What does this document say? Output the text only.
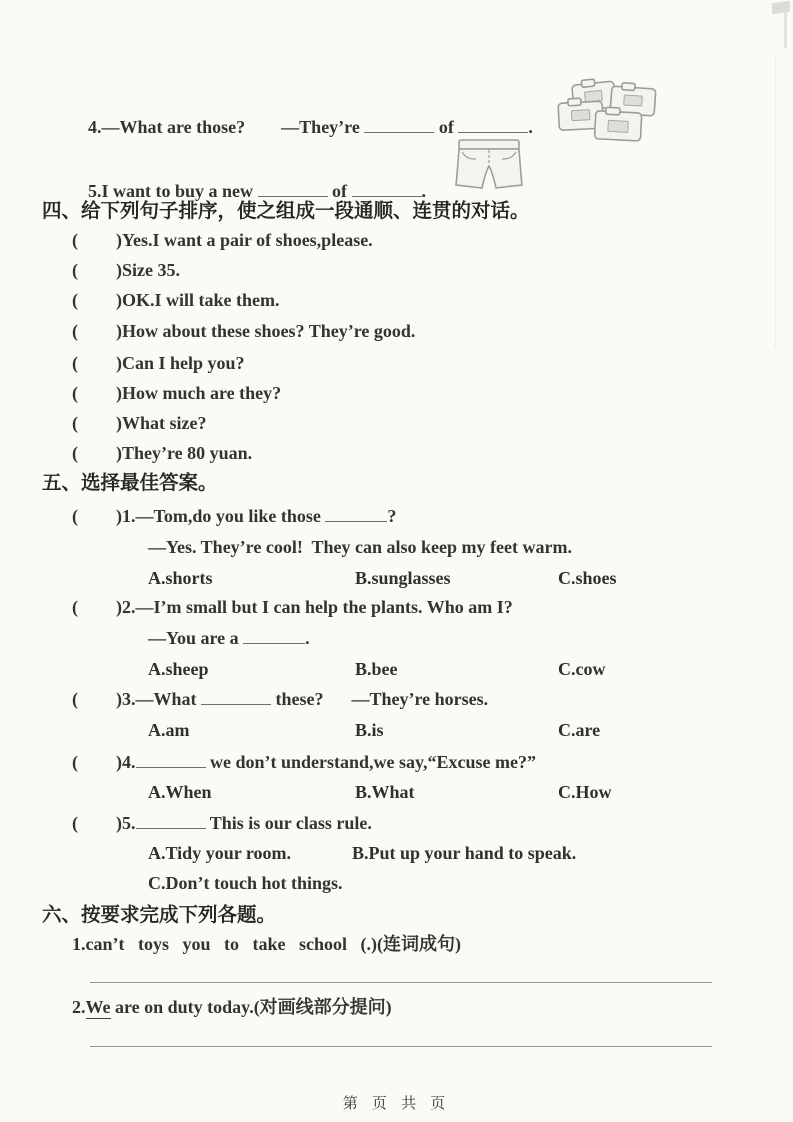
4.—What are those? —They’re	of	.

5.I want to buy a new	of	.

四、给下列句子排序，使之组成一段通顺、连贯的对话。
( )Yes.I want a pair of shoes,please.
( )Size 35.
( )OK.I will take them.
( )How about these shoes? They’re good.
( )Can I help you?
( )How much are they?
( )What size?
( )They’re 80 yuan.
五、选择最佳答案。
( )1.—Tom,do you like those	?
—Yes. They’re cool!  They can also keep my feet warm.
A.shorts	B.sunglasses	C.shoes
( )2.—I’m small but I can help the plants. Who am I?
—You are a	.
A.sheep	B.bee	C.cow
( )3.—What	these? —They’re horses.
A.am	B.is	C.are
( )4.	we don’t understand,we say,“Excuse me?”
A.When	B.What	C.How
( )5.	This is our class rule.
A.Tidy your room.	B.Put up your hand to speak.
C.Don’t touch hot things.
六、按要求完成下列各题。
1.can’t   toys   you   to   take   school   (.)(连词成句)
2.We are on duty today.(对画线部分提问)
第 页 共 页
